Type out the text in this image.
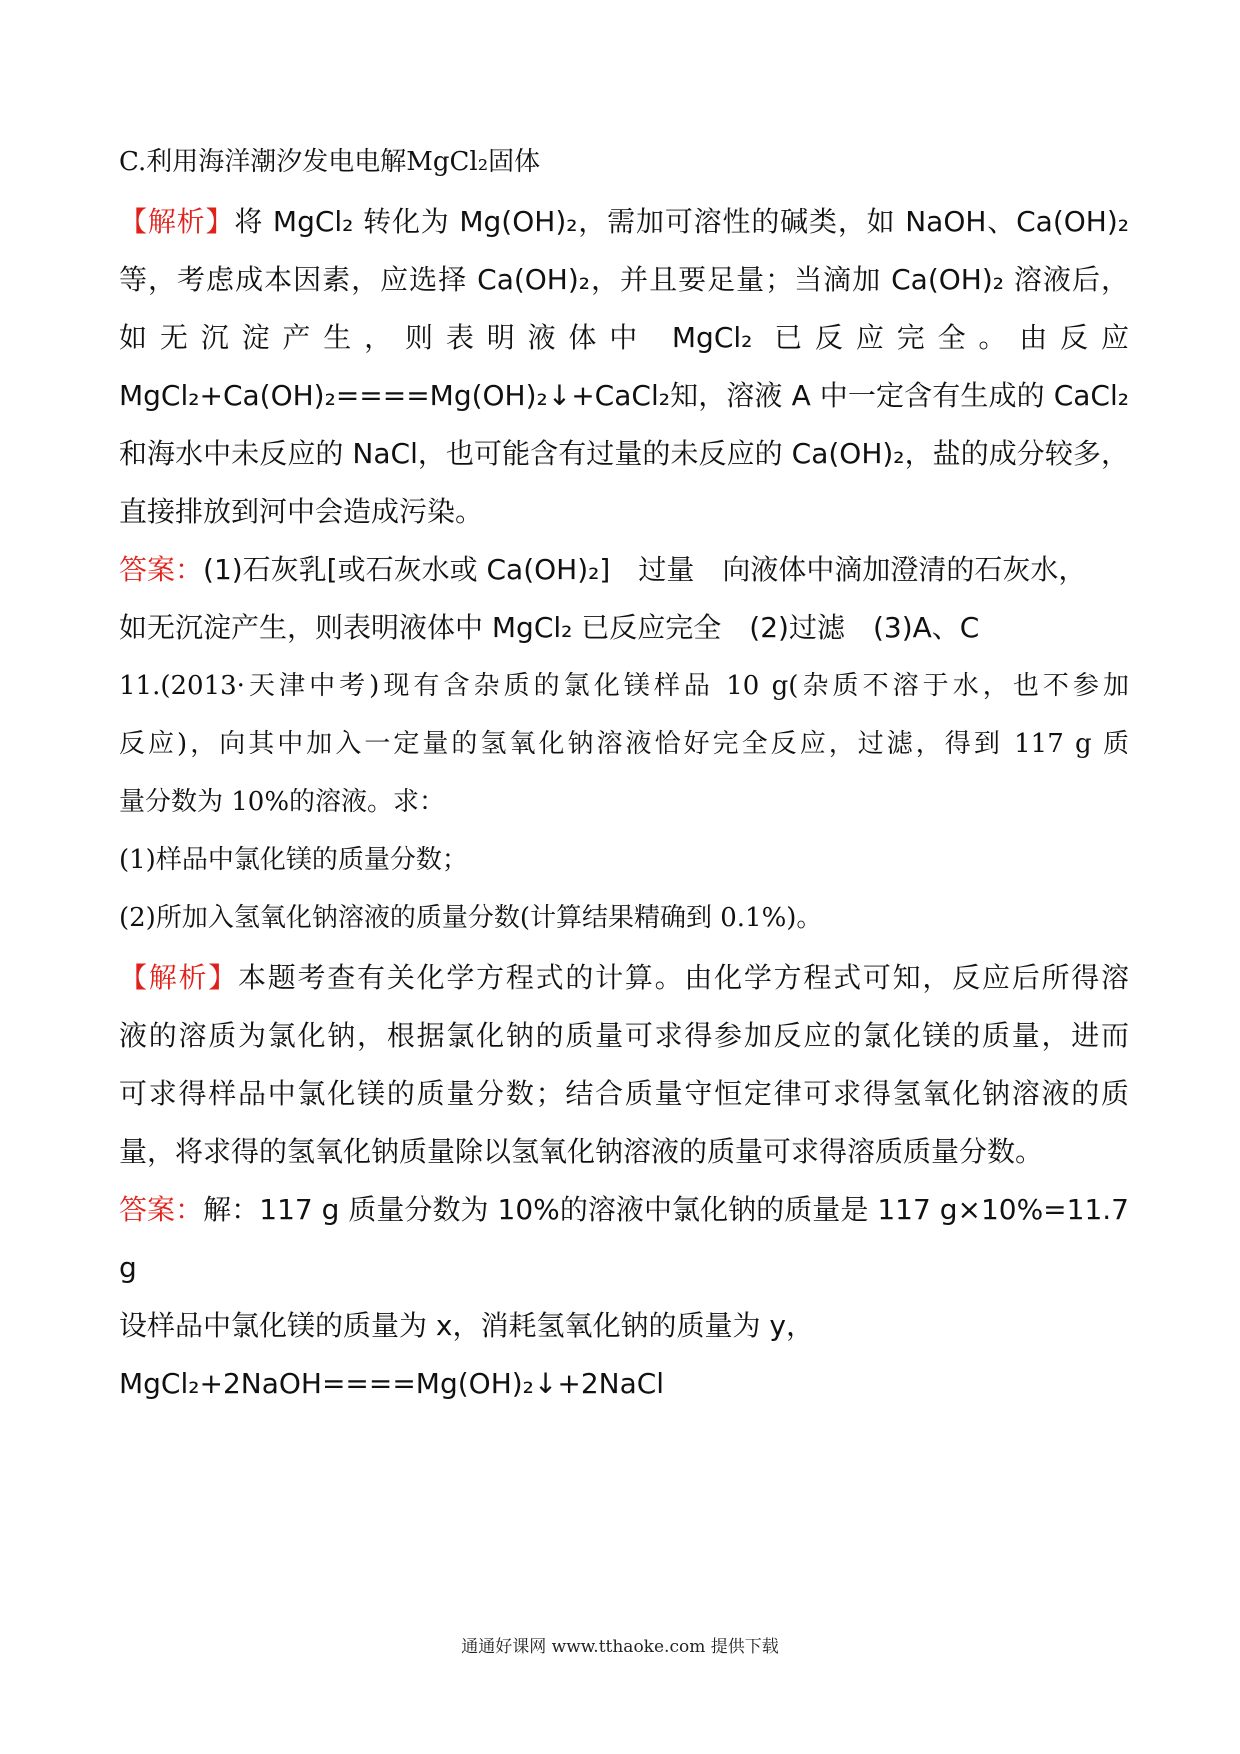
C.利用海洋潮汐发电电解MgCl₂固体
【解析】将 MgCl₂ 转化为 Mg(OH)₂，需加可溶性的碱类，如 NaOH、Ca(OH)₂
等，考虑成本因素，应选择 Ca(OH)₂，并且要足量；当滴加 Ca(OH)₂ 溶液后，
如无沉淀产生，则表明液体中 MgCl₂ 已反应完全。由反应
MgCl₂+Ca(OH)₂====Mg(OH)₂↓+CaCl₂知，溶液 A 中一定含有生成的 CaCl₂
和海水中未反应的 NaCl，也可能含有过量的未反应的 Ca(OH)₂，盐的成分较多，
直接排放到河中会造成污染。
答案：(1)石灰乳[或石灰水或 Ca(OH)₂] 过量 向液体中滴加澄清的石灰水，
如无沉淀产生，则表明液体中 MgCl₂ 已反应完全 (2)过滤 (3)A、C
11.(2013·天津中考)现有含杂质的氯化镁样品 10 g(杂质不溶于水，也不参加
反应)，向其中加入一定量的氢氧化钠溶液恰好完全反应，过滤，得到 117 g 质
量分数为 10%的溶液。求：
(1)样品中氯化镁的质量分数；
(2)所加入氢氧化钠溶液的质量分数(计算结果精确到 0.1%)。
【解析】本题考查有关化学方程式的计算。由化学方程式可知，反应后所得溶
液的溶质为氯化钠，根据氯化钠的质量可求得参加反应的氯化镁的质量，进而
可求得样品中氯化镁的质量分数；结合质量守恒定律可求得氢氧化钠溶液的质
量，将求得的氢氧化钠质量除以氢氧化钠溶液的质量可求得溶质质量分数。
答案：解：117 g 质量分数为 10%的溶液中氯化钠的质量是 117 g×10%=11.7
g
设样品中氯化镁的质量为 x，消耗氢氧化钠的质量为 y，
MgCl₂+2NaOH====Mg(OH)₂↓+2NaCl
通通好课网 www.tthaoke.com 提供下载
